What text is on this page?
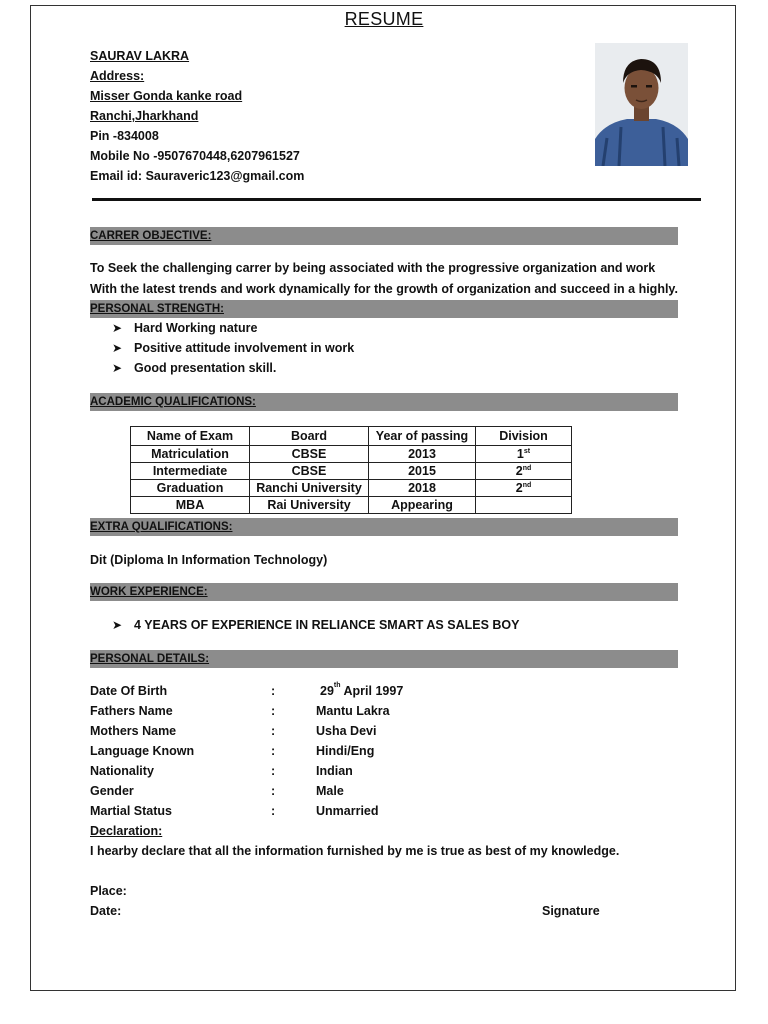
RESUME
SAURAV LAKRA
Address:
Misser Gonda kanke road
Ranchi,Jharkhand
Pin -834008
Mobile No -9507670448,6207961527
Email id: Sauraveric123@gmail.com
CARRER OBJECTIVE:
To Seek the challenging carrer by being associated with the progressive organization and work
With the latest trends and work dynamically for the growth of organization and succeed in a highly.
PERSONAL STRENGTH:
➤ Hard Working nature
➤ Positive attitude involvement in work
➤ Good presentation skill.
ACADEMIC QUALIFICATIONS:
Name of Exam	Board	Year of passing	Division
Matriculation	CBSE	2013	1st
Intermediate	CBSE	2015	2nd
Graduation	Ranchi University	2018	2nd
MBA	Rai University	Appearing	
EXTRA QUALIFICATIONS:
Dit (Diploma In Information Technology)
WORK EXPERIENCE:
➤ 4 YEARS OF EXPERIENCE IN RELIANCE SMART AS SALES BOY
PERSONAL DETAILS:
Date Of Birth	:	29th April 1997
Fathers Name	:	Mantu Lakra
Mothers Name	:	Usha Devi
Language Known	:	Hindi/Eng
Nationality	:	Indian
Gender	:	Male
Martial Status	:	Unmarried
Declaration:
I hearby declare that all the information furnished by me is true as best of my knowledge.
Place:
Date:	Signature
